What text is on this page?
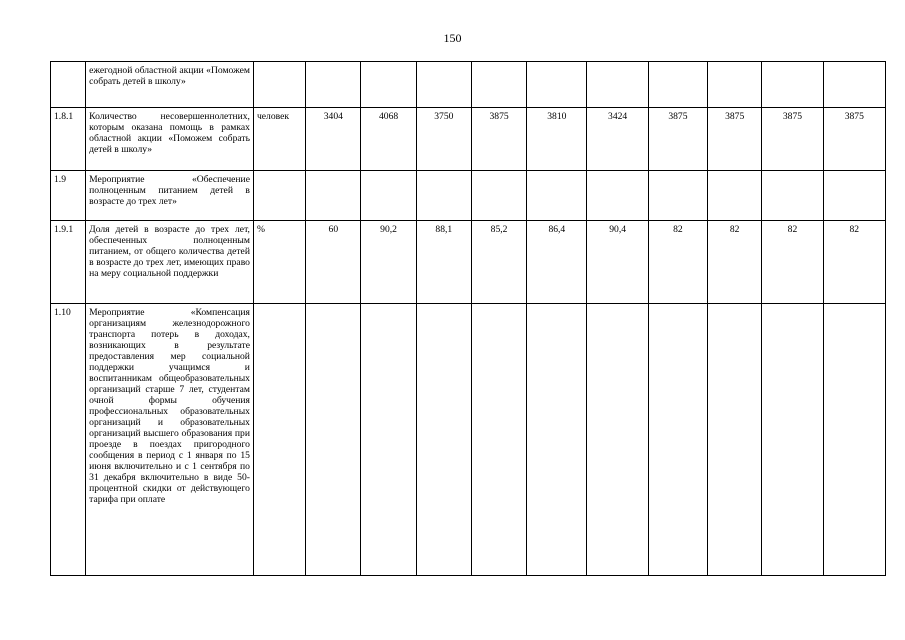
150
	ежегодной областной акции «Поможем собрать детей в школу»											
1.8.1	Количество несовершеннолетних, которым оказана помощь в рамках областной акции «Поможем собрать детей в школу»	человек	3404	4068	3750	3875	3810	3424	3875	3875	3875	3875
1.9	Мероприятие «Обеспечение полноценным питанием детей в возрасте до трех лет»											
1.9.1	Доля детей в возрасте до трех лет, обеспеченных полноценным питанием, от общего количества детей в возрасте до трех лет, имеющих право на меру социальной поддержки	%	60	90,2	88,1	85,2	86,4	90,4	82	82	82	82
1.10	Мероприятие «Компенсация организациям железнодорожного транспорта потерь в доходах, возникающих в результате предоставления мер социальной поддержки учащимся и воспитанникам общеобразовательных организаций старше 7 лет, студентам очной формы обучения профессиональных образовательных организаций и образовательных организаций высшего образования при проезде в поездах пригородного сообщения в период с 1 января по 15 июня включительно и с 1 сентября по 31 декабря включительно в виде 50-процентной скидки от действующего тарифа при оплате											
